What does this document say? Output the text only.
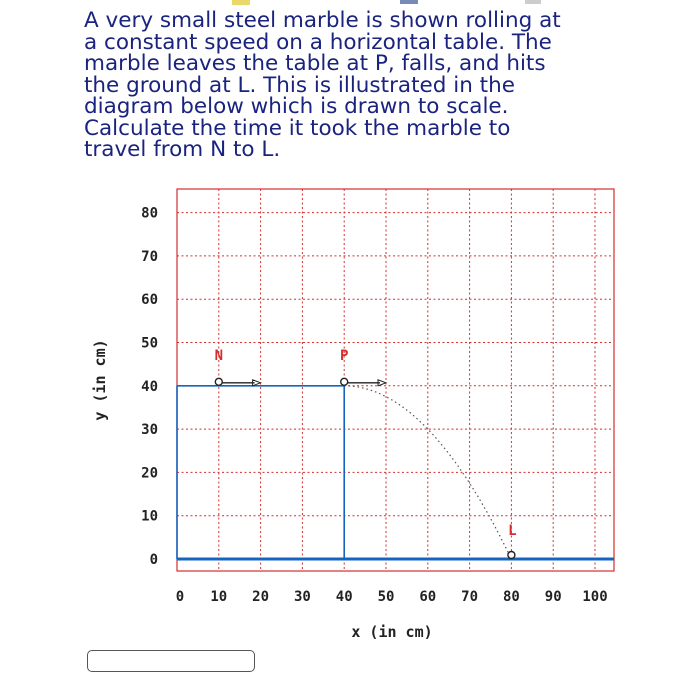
A very small steel marble is shown rolling at
a constant speed on a horizontal table. The
marble leaves the table at P, falls, and hits
the ground at L. This is illustrated in the
diagram below which is drawn to scale.
Calculate the time it took the marble to
travel from N to L.

0 10 20 30 40 50 60 70 80 90 100
0
10
20
30
40
50
60
70
80
x (in cm)
y (in cm)	N	P
L
